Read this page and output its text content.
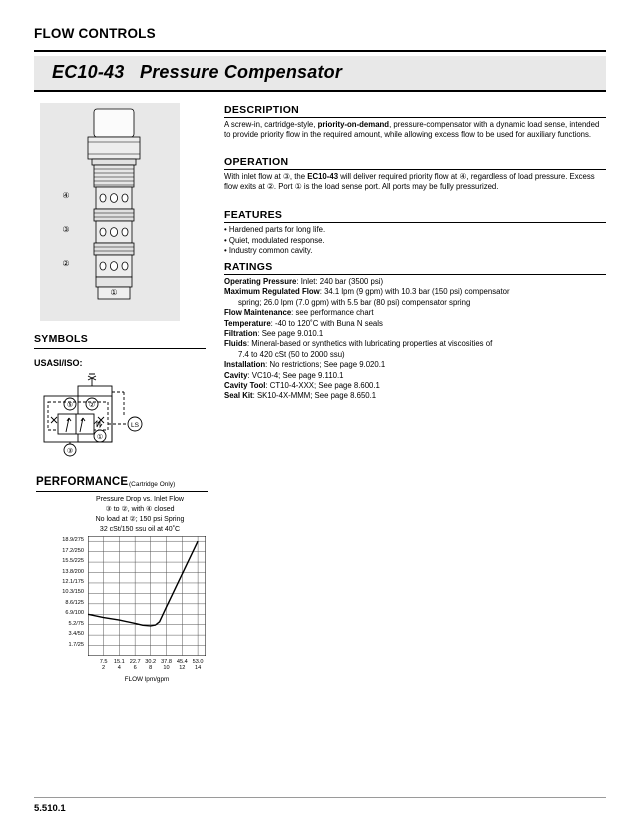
FLOW CONTROLS
EC10-43 Pressure Compensator
④
③
②
①
DESCRIPTION
A screw-in, cartridge-style, priority-on-demand, pressure-compensator with a dynamic load sense, intended to provide priority flow in the required amount, while allowing excess flow to be used for auxiliary functions.
OPERATION
With inlet flow at ③, the EC10-43 will deliver required priority flow at ④, regardless of load pressure. Excess flow exits at ②. Port ① is the load sense port. All ports may be fully pressurized.
FEATURES
• Hardened parts for long life.
• Quiet, modulated response.
• Industry common cavity.
RATINGS
Operating Pressure: Inlet: 240 bar (3500 psi)
Maximum Regulated Flow: 34.1 lpm (9 gpm) with 10.3 bar (150 psi) compensator
spring; 26.0 lpm (7.0 gpm) with 5.5 bar (80 psi) compensator spring
Flow Maintenance: see performance chart
Temperature: -40 to 120˚C with Buna N seals
Filtration: See page 9.010.1
Fluids: Mineral-based or synthetics with lubricating properties at viscosities of
7.4 to 420 cSt (50 to 2000 ssu)
Installation: No restrictions; See page 9.020.1
Cavity: VC10-4; See page 9.110.1
Cavity Tool: CT10-4-XXX; See page 8.600.1
Seal Kit: SK10-4X-MMM; See page 8.650.1
SYMBOLS
USASI/ISO:
⑤ ②
③
①
LS
PERFORMANCE (Cartridge Only)
Pressure Drop vs. Inlet Flow
③ to ②, with ④ closed
No load at ②; 150 psi Spring
32 cSt/150 ssu oil at 40˚C
1.7/25
3.4/50
5.2/75
6.9/100
8.6/125
10.3/150
12.1/175
13.8/200
15.5/225
17.2/250
18.9/275
7.5
2
15.1
4
22.7
6
30.2
8
37.8
10
45.4
12
53.0
14
FLOW lpm/gpm
5.510.1
